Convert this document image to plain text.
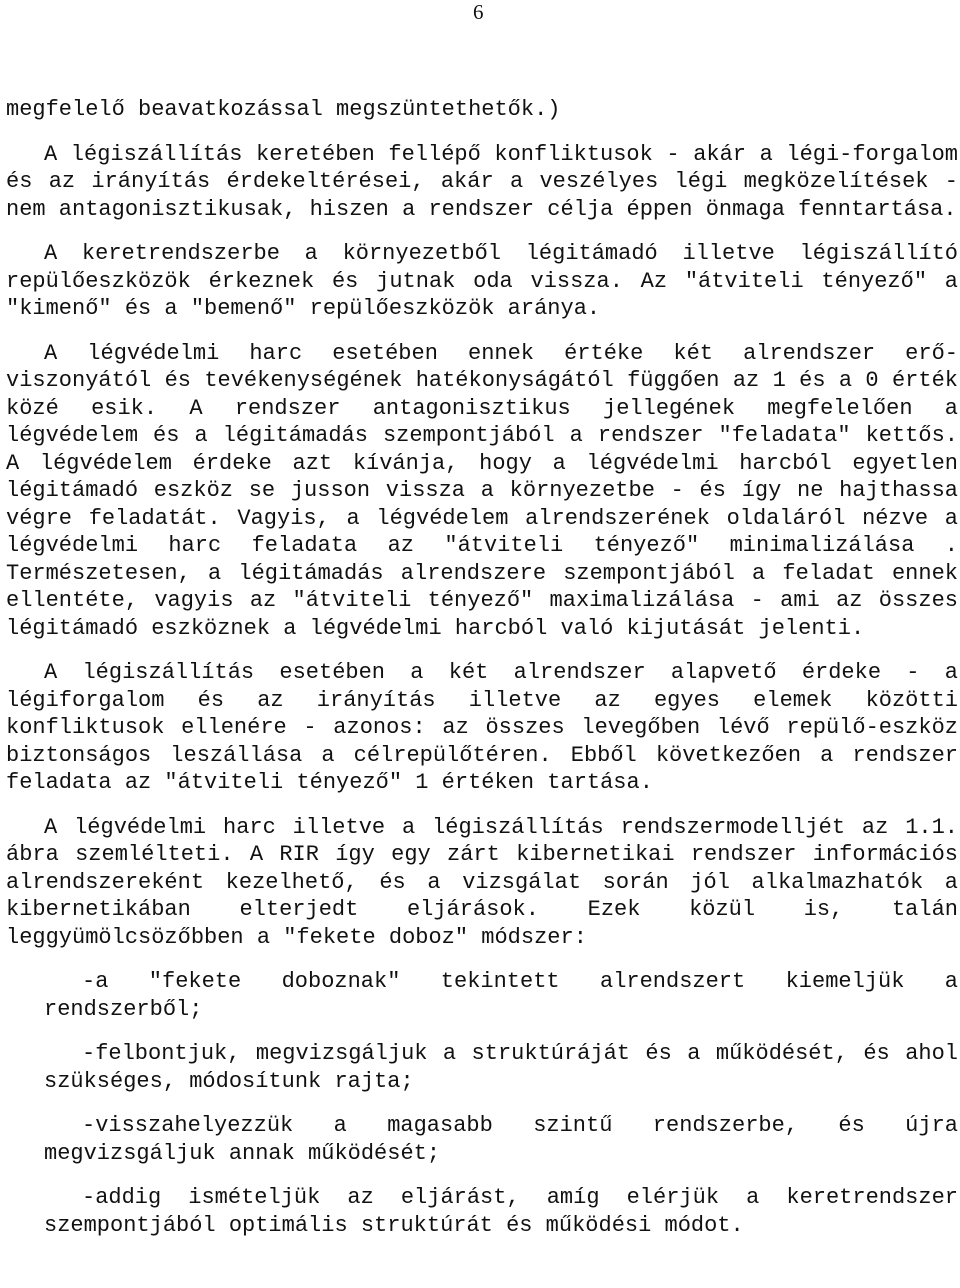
6

megfelelő beavatkozással megszüntethetők.)

A légiszállítás keretében fellépő konfliktusok - akár a légi-forgalom és az irányítás érdekeltérései, akár a veszélyes légi megközelítések - nem antagonisztikusak, hiszen a rendszer célja éppen önmaga fenntartása.

A keretrendszerbe a környezetből légitámadó illetve légiszállító repülőeszközök érkeznek és jutnak oda vissza. Az "átviteli tényező" a "kimenő" és a "bemenő" repülőeszközök aránya.

A légvédelmi harc esetében ennek értéke két alrendszer erő-viszonyától és tevékenységének hatékonyságától függően az 1 és a 0 érték közé esik. A rendszer antagonisztikus jellegének megfelelően a légvédelem és a légitámadás szempontjából a rendszer "feladata" kettős. A légvédelem érdeke azt kívánja, hogy a légvédelmi harcból egyetlen légitámadó eszköz se jusson vissza a környezetbe - és így ne hajthassa végre feladatát. Vagyis, a légvédelem alrendszerének oldaláról nézve a légvédelmi harc feladata az "átviteli tényező" minimalizálása . Természetesen, a légitámadás alrendszere szempontjából a feladat ennek ellentéte, vagyis az "átviteli tényező" maximalizálása - ami az összes légitámadó eszköznek a légvédelmi harcból való kijutását jelenti.

A légiszállítás esetében a két alrendszer alapvető érdeke - a légiforgalom és az irányítás illetve az egyes elemek közötti konfliktusok ellenére - azonos: az összes levegőben lévő repülő-eszköz biztonságos leszállása a célrepülőtéren. Ebből következően a rendszer feladata az "átviteli tényező" 1 értéken tartása.

A légvédelmi harc illetve a légiszállítás rendszermodelljét az 1.1. ábra szemlélteti. A RIR így egy zárt kibernetikai rendszer információs alrendszereként kezelhető, és a vizsgálat során jól alkalmazhatók a kibernetikában elterjedt eljárások. Ezek közül is, talán leggyümölcsözőbben a "fekete doboz" módszer:

-a "fekete doboznak" tekintett alrendszert kiemeljük a rendszerből;

-felbontjuk, megvizsgáljuk a struktúráját és a működését, és ahol szükséges, módosítunk rajta;

-visszahelyezzük a magasabb szintű rendszerbe, és újra megvizsgáljuk annak működését;

-addig ismételjük az eljárást, amíg elérjük a keretrendszer szempontjából optimális struktúrát és működési módot.
